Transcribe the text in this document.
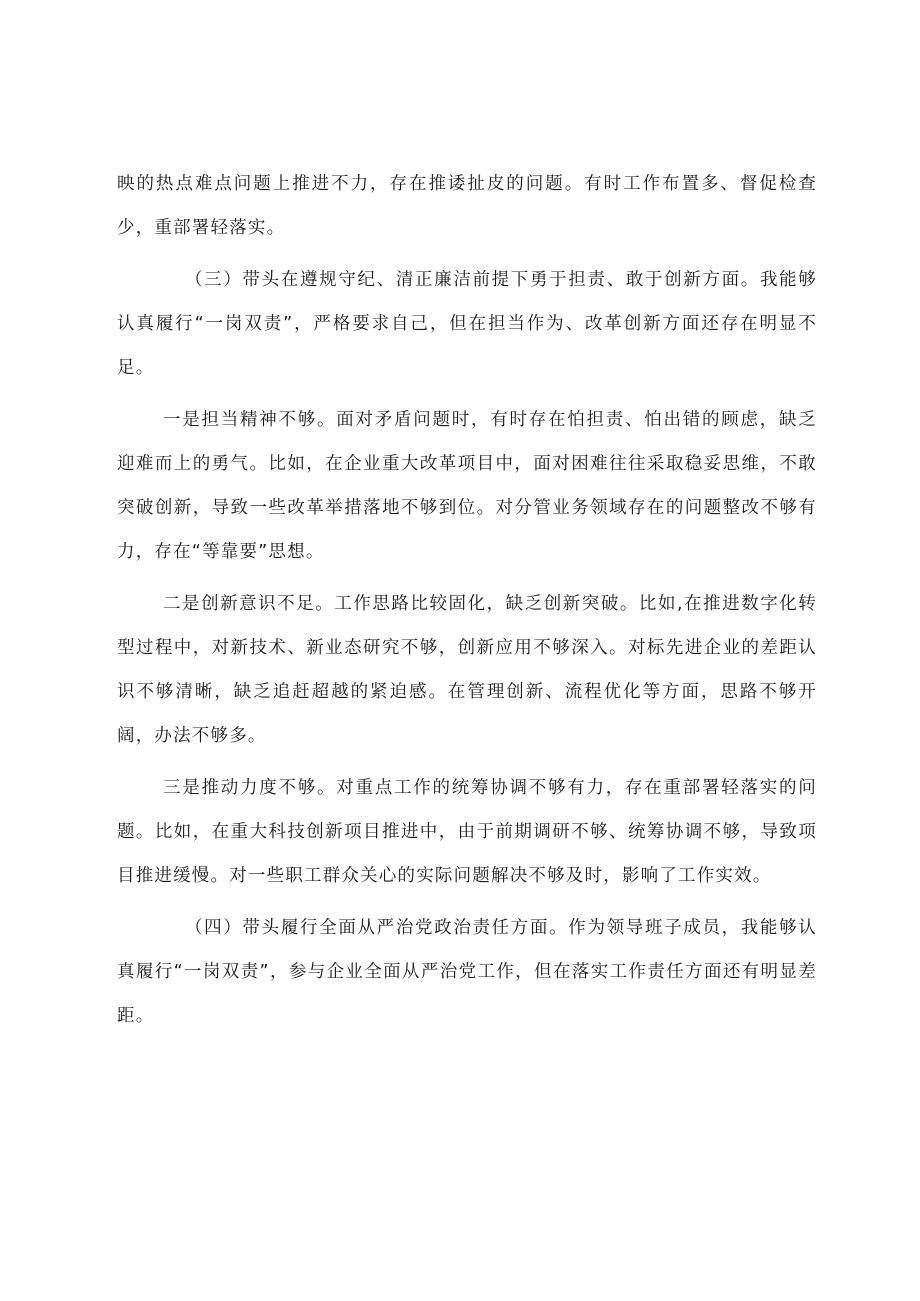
映的热点难点问题上推进不力，存在推诿扯皮的问题。有时工作布置多、督促检查少，重部署轻落实。

（三）带头在遵规守纪、清正廉洁前提下勇于担责、敢于创新方面。我能够认真履行“一岗双责”，严格要求自己，但在担当作为、改革创新方面还存在明显不足。

一是担当精神不够。面对矛盾问题时，有时存在怕担责、怕出错的顾虑，缺乏迎难而上的勇气。比如，在企业重大改革项目中，面对困难往往采取稳妥思维，不敢突破创新，导致一些改革举措落地不够到位。对分管业务领域存在的问题整改不够有力，存在“等靠要”思想。

二是创新意识不足。工作思路比较固化，缺乏创新突破。比如,在推进数字化转型过程中，对新技术、新业态研究不够，创新应用不够深入。对标先进企业的差距认识不够清晰，缺乏追赶超越的紧迫感。在管理创新、流程优化等方面，思路不够开阔，办法不够多。

三是推动力度不够。对重点工作的统筹协调不够有力，存在重部署轻落实的问题。比如，在重大科技创新项目推进中，由于前期调研不够、统筹协调不够，导致项目推进缓慢。对一些职工群众关心的实际问题解决不够及时，影响了工作实效。

（四）带头履行全面从严治党政治责任方面。作为领导班子成员，我能够认真履行“一岗双责”，参与企业全面从严治党工作，但在落实工作责任方面还有明显差距。
